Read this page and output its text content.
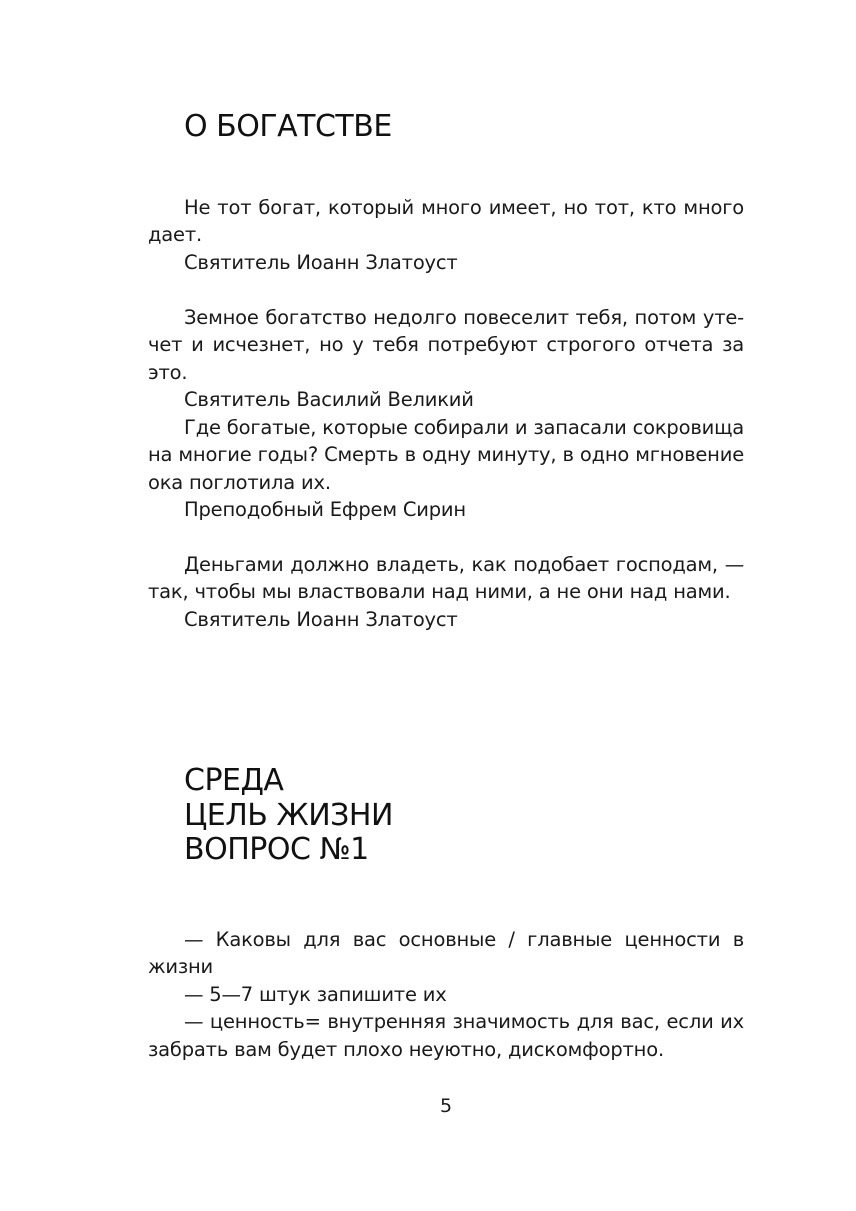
О БОГАТСТВЕ

Не тот богат, который много имеет, но тот, кто много дает.

Святитель Иоанн Златоуст

Земное богатство недолго повеселит тебя, потом уте-чет и исчезнет, но у тебя потребуют строгого отчета за это.

Святитель Василий Великий

Где богатые, которые собирали и запасали сокровища на многие годы? Смерть в одну минуту, в одно мгновение ока поглотила их.

Преподобный Ефрем Сирин

Деньгами должно владеть, как подобает господам, — так, чтобы мы властвовали над ними, а не они над нами.

Святитель Иоанн Златоуст

СРЕДА
ЦЕЛЬ ЖИЗНИ
ВОПРОС №1

— Каковы для вас основные / главные ценности в жизни

— 5—7 штук запишите их

— ценность= внутренняя значимость для вас, если их забрать вам будет плохо неуютно, дискомфортно.

5
